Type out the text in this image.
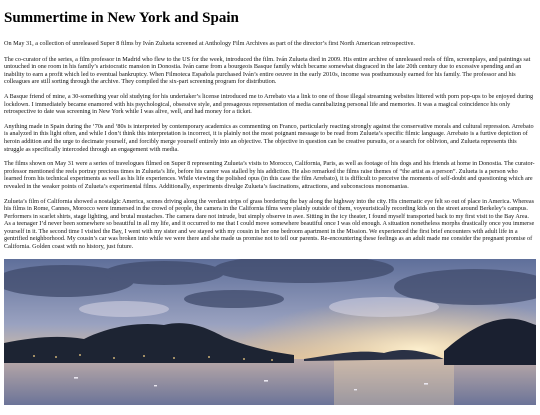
Summertime in New York and Spain

On May 31, a collection of unreleased Super 8 films by Iván Zulueta screened at Anthology Film Archives as part of the director’s first North American retrospective.

The co-curator of the series, a film professor in Madrid who flew to the US for the week, introduced the film. Iván Zulueta died in 2009. His entire archive of unreleased reels of film, screenplays, and paintings sat untouched in one room in his family’s aristocratic mansion in Donostia. Iván came from a bourgeois Basque family which became somewhat disgraced in the late 20th century due to excessive spending and an inability to earn a profit which led to eventual bankruptcy. When Filmoteca Española purchased Iván’s entire oeuvre in the early 2010s, income was posthumously earned for his family. The professor and his colleagues are still sorting through the archive. They compiled the six-part screening program for distribution.

A Basque friend of mine, a 30-something year old studying for his undertaker’s license introduced me to Arrebato via a link to one of those illegal streaming websites littered with porn pop-ups to be enjoyed during lockdown. I immediately became enamored with his psychological, obsessive style, and presageous representation of media cannibalizing personal life and memories. It was a magical coincidence his only retrospective to date was screening in New York while I was alive, well, and had money for a ticket.

Anything made in Spain during the ‘70s and ‘80s is interpreted by contemporary academics as commenting on Franco, particularly reacting strongly against the conservative morals and cultural repression. Arrebato is analyzed in this light often, and while I don’t think this interpretation is incorrect, it is plainly not the most poignant message to be read from Zulueta’s specific filmic language. Arrebato is a furtive depiction of heroin addition and the urge to decimate yourself, and forcibly merge yourself entirely into an objective. The objective in question can be creative pursuits, or a search for oblivion, and Zulueta represents this struggle as specifically intercoded through an engagement with media.

The films shown on May 31 were a series of travelogues filmed on Super 8 representing Zulueta’s visits to Morocco, California, Paris, as well as footage of his dogs and his friends at home in Donostia. The curator-professor mentioned the reels portray precious times in Zulueta’s life, before his career was stalled by his addiction. He also remarked the films raise themes of “the artist as a person”. Zulueta is a person who learned from his technical experiments as well as his life experiences. While viewing the polished opus (in this case the film Arrebato), it is difficult to perceive the moments of self-doubt and questioning which are revealed in the weaker points of Zulueta’s experimental films. Additionally, experiments divulge Zulueta’s fascinations, attractions, and subconscious monomanias.

Zulueta’s film of California showed a nostalgic America, scenes driving along the verdant strips of grass bordering the bay along the highway into the city. His cinematic eye felt so out of place in America. Whereas his films in Rome, Cannes, Morocco were immersed in the crowd of people, the camera in the California films were plainly outside of them, voyeuristically recording kids on the street around Berkeley’s campus. Performers in scarlet shirts, stage lighting, and brutal mustaches. The camera dare not intrude, but simply observe in awe. Sitting in the icy theater, I found myself transported back to my first visit to the Bay Area. As a teenager I’d never been somewhere so beautiful in all my life, and it occurred to me that I could move somewhere beautiful once I was old enough. A situation nonetheless morphs drastically once you immerse yourself in it. The second time I visited the Bay, I went with my sister and we stayed with my cousin in her one bedroom apartment in the Mission. We experienced the first brief encounters with adult life in a gentrified neighborhood. My cousin’s car was broken into while we were there and she made us promise not to tell our parents. Re-encountering these feelings as an adult made me consider the pregnant promise of California. Golden coast with no history, just future.
